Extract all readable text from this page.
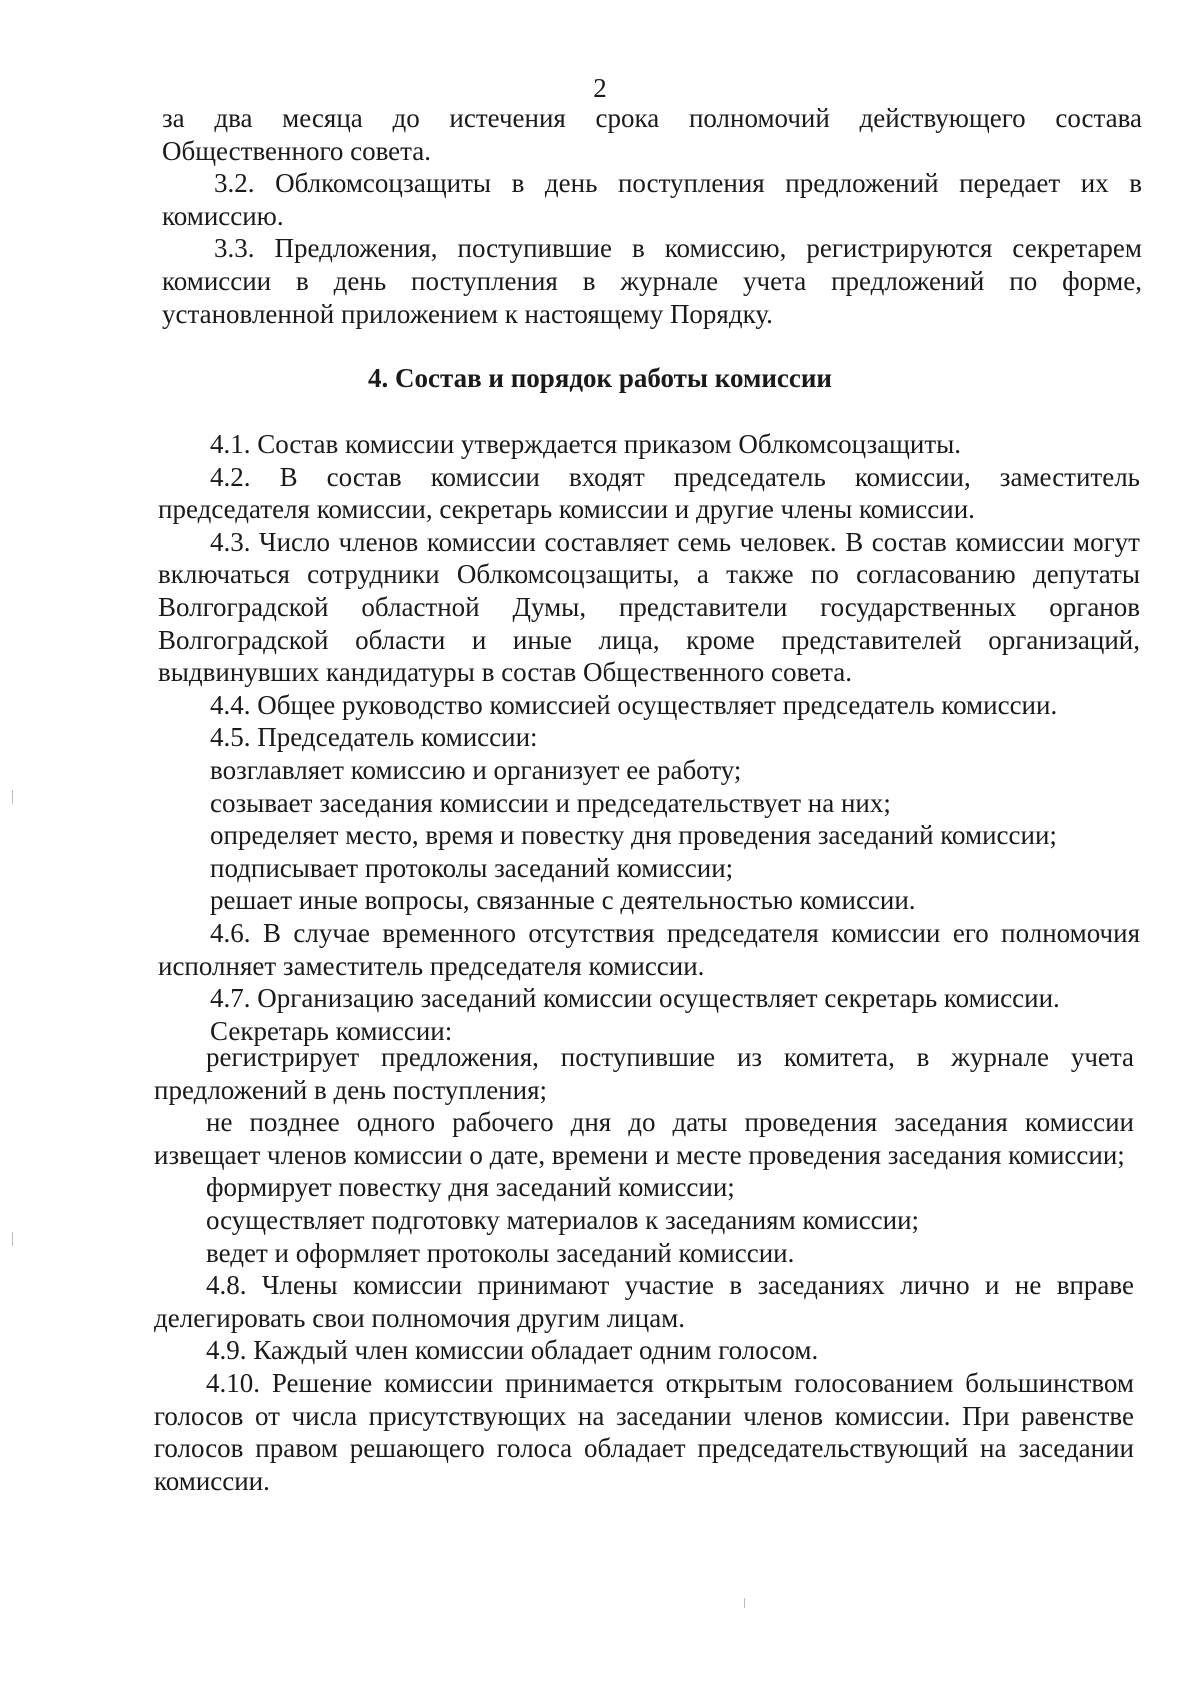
2

за два месяца до истечения срока полномочий действующего состава Общественного совета.

3.2. Облкомсоцзащиты в день поступления предложений передает их в комиссию.

3.3. Предложения, поступившие в комиссию, регистрируются секретарем комиссии в день поступления в журнале учета предложений по форме, установленной приложением к настоящему Порядку.

4. Состав и порядок работы комиссии

4.1. Состав комиссии утверждается приказом Облкомсоцзащиты.

4.2. В состав комиссии входят председатель комиссии, заместитель председателя комиссии, секретарь комиссии и другие члены комиссии.

4.3. Число членов комиссии составляет семь человек. В состав комиссии могут включаться сотрудники Облкомсоцзащиты, а также по согласованию депутаты Волгоградской областной Думы, представители государственных органов Волгоградской области и иные лица, кроме представителей организаций, выдвинувших кандидатуры в состав Общественного совета.

4.4. Общее руководство комиссией осуществляет председатель комиссии.

4.5. Председатель комиссии:

возглавляет комиссию и организует ее работу;

созывает заседания комиссии и председательствует на них;

определяет место, время и повестку дня проведения заседаний комиссии;

подписывает протоколы заседаний комиссии;

решает иные вопросы, связанные с деятельностью комиссии.

4.6. В случае временного отсутствия председателя комиссии его полномочия исполняет заместитель председателя комиссии.

4.7. Организацию заседаний комиссии осуществляет секретарь комиссии.

Секретарь комиссии:

регистрирует предложения, поступившие из комитета, в журнале учета предложений в день поступления;

не позднее одного рабочего дня до даты проведения заседания комиссии извещает членов комиссии о дате, времени и месте проведения заседания комиссии;

формирует повестку дня заседаний комиссии;

осуществляет подготовку материалов к заседаниям комиссии;

ведет и оформляет протоколы заседаний комиссии.

4.8. Члены комиссии принимают участие в заседаниях лично и не вправе делегировать свои полномочия другим лицам.

4.9. Каждый член комиссии обладает одним голосом.

4.10. Решение комиссии принимается открытым голосованием большинством голосов от числа присутствующих на заседании членов комиссии. При равенстве голосов правом решающего голоса обладает председательствующий на заседании комиссии.
